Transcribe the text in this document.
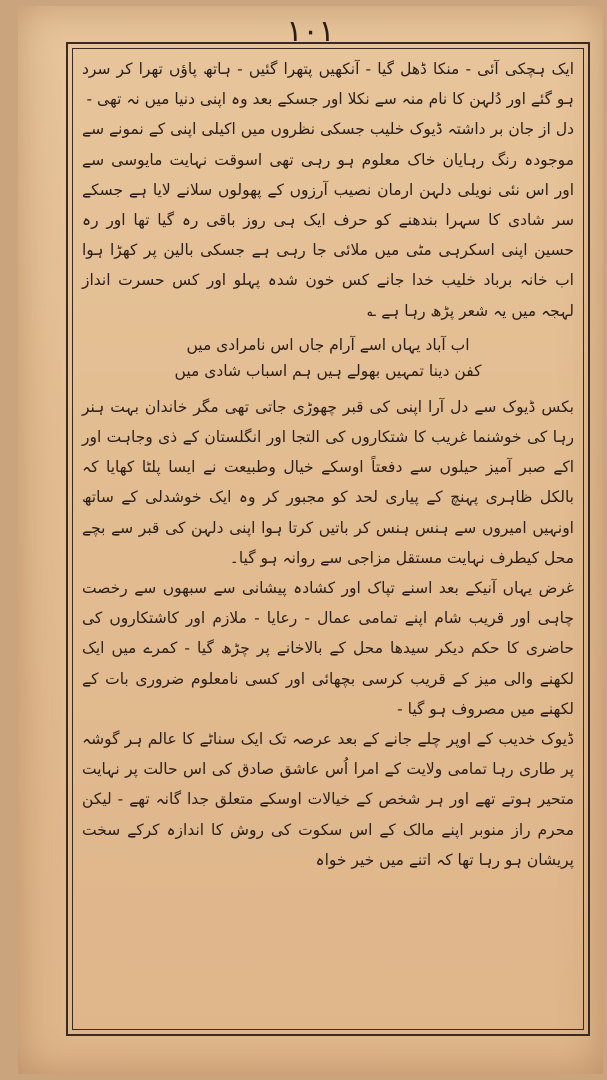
۱۰۱

ایک ہچکی آئی - منکا ڈھل گیا - آنکھیں پتھرا گئیں - ہاتھ پاؤں تھرا کر سرد ہو گئے اور دُلہن کا نام منہ سے نکلا اور جسکے بعد وہ اپنی دنیا میں نہ تھی -

دل از جان بر داشتہ ڈیوک خلیب جسکی نظروں میں اکیلی اپنی کے نمونے سے موجودہ رنگ رہایان خاک معلوم ہو رہی تھی اسوقت نہایت مایوسی سے اور اس نئی نویلی دلہن ارمان نصیب آرزوں کے پھولوں سلانے لایا ہے جسکے سر شادی کا سہرا بندھنے کو حرف ایک ہی روز باقی رہ گیا تھا اور رہ حسین اپنی اسکرہی مٹی میں ملائی جا رہی ہے جسکی بالین پر کھڑا ہوا اب خانہ برباد خلیب خدا جانے کس خون شدہ پہلو اور کس حسرت انداز لہجہ میں یہ شعر پڑھ رہا ہے ؎

اب آباد یہاں اسے آرام جاں اس نامرادی میں
کفن دینا تمہیں بھولے ہیں ہم اسباب شادی میں

بکس ڈیوک سے دل آرا اپنی کی قبر چھوڑی جاتی تھی مگر خاندان بہت ہنر رہا کی خوشنما غریب کا شتکاروں کی التجا اور انگلستان کے ذی وجاہت اور اکے صبر آمیز حیلوں سے دفعتاً اوسکے خیال وطبیعت نے ایسا پلٹا کھایا کہ بالکل ظاہری پہنچ کے پیاری لحد کو مجبور کر وہ ایک خوشدلی کے ساتھ اونہیں امیروں سے ہنس ہنس کر باتیں کرتا ہوا اپنی دلہن کی قبر سے بچے محل کیطرف نہایت مستقل مزاجی سے روانہ ہو گیا۔

غرض یہاں آنیکے بعد اسنے تپاک اور کشادہ پیشانی سے سبھوں سے رخصت چاہی اور قریب شام اپنے تمامی عمال - رعایا - ملازم اور کاشتکاروں کی حاضری کا حکم دیکر سیدھا محل کے بالاخانے پر چڑھ گیا - کمرے میں ایک لکھنے والی میز کے قریب کرسی بچھائی اور کسی نامعلوم ضروری بات کے لکھنے میں مصروف ہو گیا -

ڈیوک خدیب کے اوپر چلے جانے کے بعد عرصہ تک ایک سناٹے کا عالم ہر گوشہ پر طاری رہا تمامی ولایت کے امرا اُس عاشق صادق کی اس حالت پر نہایت متحیر ہوتے تھے اور ہر شخص کے خیالات اوسکے متعلق جدا گانہ تھے - لیکن محرم راز منوبر اپنے مالک کے اس سکوت کی روش کا اندازہ کرکے سخت پریشان ہو رہا تھا کہ اتنے میں خیر خواہ
